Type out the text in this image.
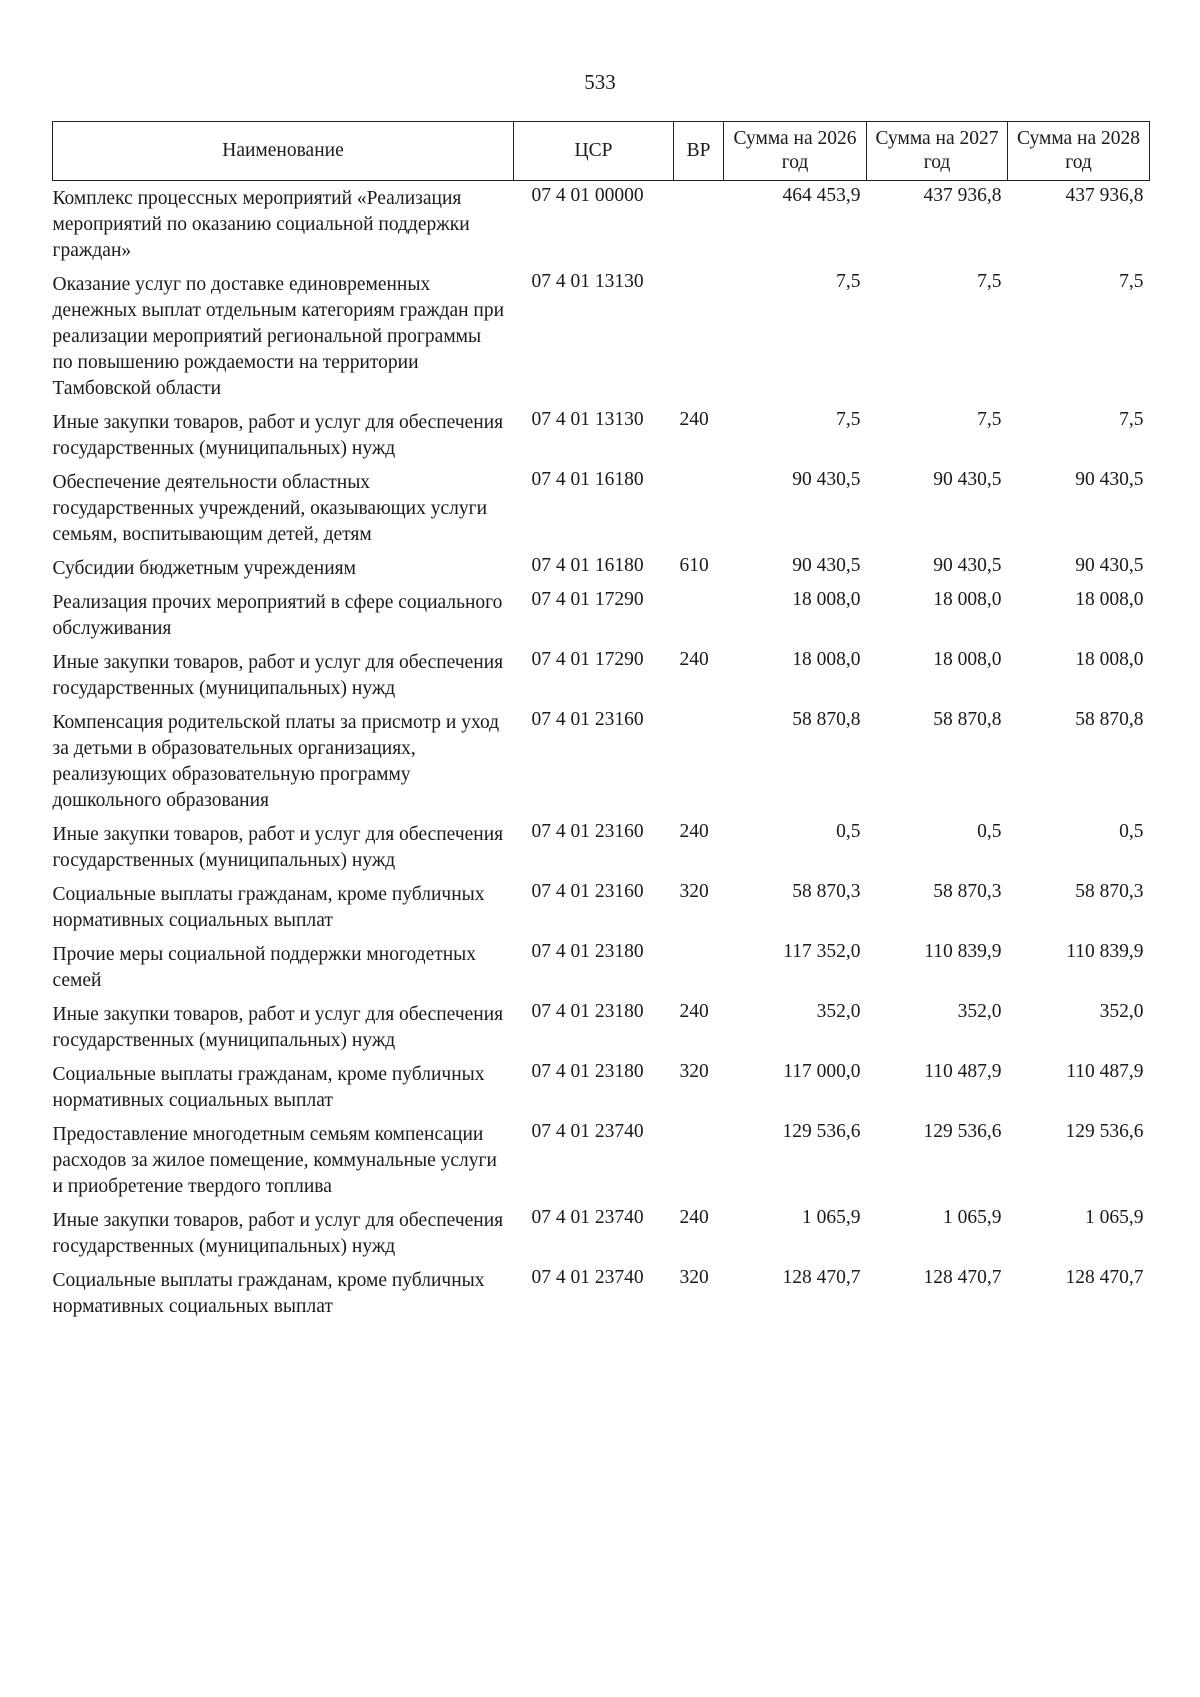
533
Наименование	ЦСР	ВР	Сумма на 2026 год	Сумма на 2027 год	Сумма на 2028 год
Комплекс процессных мероприятий «Реализация мероприятий по оказанию социальной поддержки граждан»	07 4 01 00000		464 453,9	437 936,8	437 936,8
Оказание услуг по доставке единовременных денежных выплат отдельным категориям граждан при реализации мероприятий региональной программы по повышению рождаемости на территории Тамбовской области	07 4 01 13130		7,5	7,5	7,5
Иные закупки товаров, работ и услуг для обеспечения государственных (муниципальных) нужд	07 4 01 13130	240	7,5	7,5	7,5
Обеспечение деятельности областных государственных учреждений, оказывающих услуги семьям, воспитывающим детей, детям	07 4 01 16180		90 430,5	90 430,5	90 430,5
Субсидии бюджетным учреждениям	07 4 01 16180	610	90 430,5	90 430,5	90 430,5
Реализация прочих мероприятий в сфере социального обслуживания	07 4 01 17290		18 008,0	18 008,0	18 008,0
Иные закупки товаров, работ и услуг для обеспечения государственных (муниципальных) нужд	07 4 01 17290	240	18 008,0	18 008,0	18 008,0
Компенсация родительской платы за присмотр и уход за детьми в образовательных организациях, реализующих образовательную программу дошкольного образования	07 4 01 23160		58 870,8	58 870,8	58 870,8
Иные закупки товаров, работ и услуг для обеспечения государственных (муниципальных) нужд	07 4 01 23160	240	0,5	0,5	0,5
Социальные выплаты гражданам, кроме публичных нормативных социальных выплат	07 4 01 23160	320	58 870,3	58 870,3	58 870,3
Прочие меры социальной поддержки многодетных семей	07 4 01 23180		117 352,0	110 839,9	110 839,9
Иные закупки товаров, работ и услуг для обеспечения государственных (муниципальных) нужд	07 4 01 23180	240	352,0	352,0	352,0
Социальные выплаты гражданам, кроме публичных нормативных социальных выплат	07 4 01 23180	320	117 000,0	110 487,9	110 487,9
Предоставление многодетным семьям компенсации расходов за жилое помещение, коммунальные услуги и приобретение твердого топлива	07 4 01 23740		129 536,6	129 536,6	129 536,6
Иные закупки товаров, работ и услуг для обеспечения государственных (муниципальных) нужд	07 4 01 23740	240	1 065,9	1 065,9	1 065,9
Социальные выплаты гражданам, кроме публичных нормативных социальных выплат	07 4 01 23740	320	128 470,7	128 470,7	128 470,7
